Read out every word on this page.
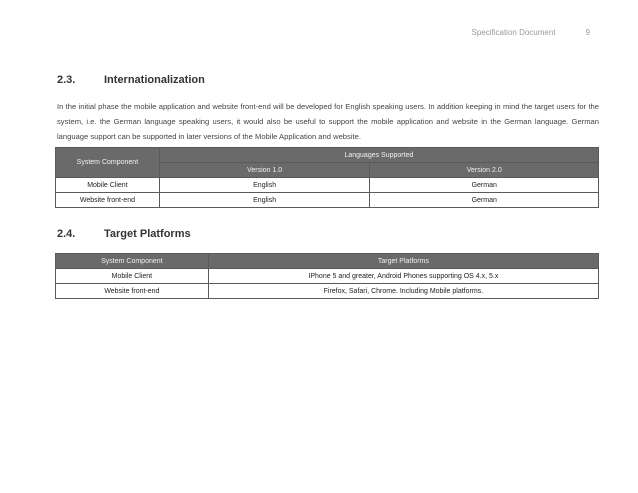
Specification Document	9
2.3.	Internationalization
In the initial phase the mobile application and website front-end will be developed for English speaking users. In addition keeping in mind the target users for the system, i.e. the German language speaking users, it would also be useful to support the mobile application and website in the German language. German language support can be supported in later versions of the Mobile Application and website.
System Component	Languages Supported	
	Version 1.0	Version 2.0
Mobile Client	English	German
Website front-end	English	German
2.4.	Target Platforms
System Component	Target Platforms
Mobile Client	IPhone 5 and greater, Android Phones supporting OS 4.x, 5.x
Website front-end	Firefox, Safari, Chrome. Including Mobile platforms.
